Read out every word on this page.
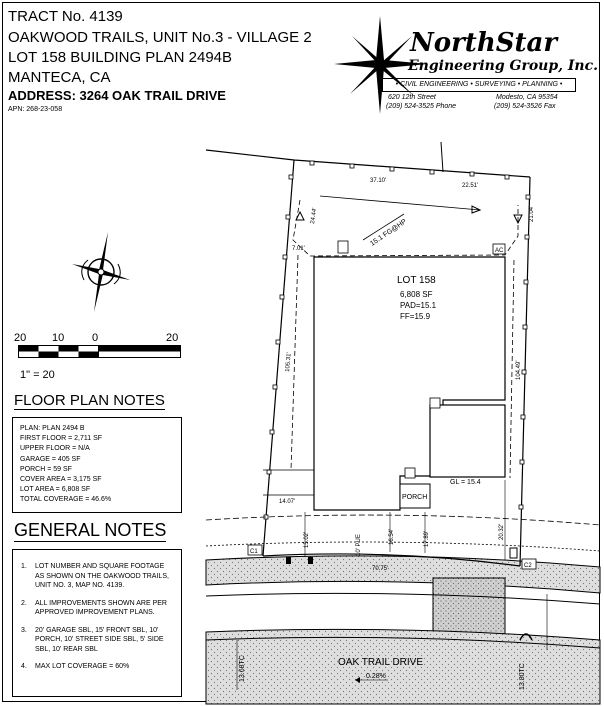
TRACT No. 4139
OAKWOOD TRAILS, UNIT No.3 - VILLAGE 2
LOT 158 BUILDING PLAN 2494B
MANTECA, CA
ADDRESS: 3264 OAK TRAIL DRIVE
APN: 268-23-058
NorthStar
Engineering Group, Inc.
• CIVIL ENGINEERING • SURVEYING • PLANNING •
620 12th Street	Modesto, CA 95354
(209) 524-3525 Phone	(209) 524-3526 Fax
20 10	0	20
1" = 20
FLOOR PLAN NOTES
PLAN: PLAN 2494 B
FIRST FLOOR = 2,711 SF
UPPER FLOOR = N/A
GARAGE = 405 SF
PORCH = 59 SF
COVER AREA = 3,175 SF
LOT AREA = 6,808 SF
TOTAL COVERAGE = 46.6%
GENERAL NOTES
1.	LOT NUMBER AND SQUARE FOOTAGE AS SHOWN ON THE OAKWOOD TRAILS, UNIT NO. 3, MAP NO. 4139.
2.	ALL IMPROVEMENTS SHOWN ARE PER APPROVED IMPROVEMENT PLANS.
3.	20' GARAGE SBL, 15' FRONT SBL, 10' PORCH, 10' STREET SIDE SBL, 5' SIDE SBL, 10' REAR SBL
4.	MAX LOT COVERAGE = 60%
LOT 158
6,808 SF
PAD=15.1
FF=15.9
37.10'
22.51'
24.44'	21.04'
7.01'
105.31'	104.49'
14.07'
15.02'	16.54'	17.89'	20.32'
70.75'
10' PUE
15.1 FG@HP
AC
GL = 15.4
PORCH
C1
C2
13.68TC	13.80TC
OAK TRAIL DRIVE
0.28%
